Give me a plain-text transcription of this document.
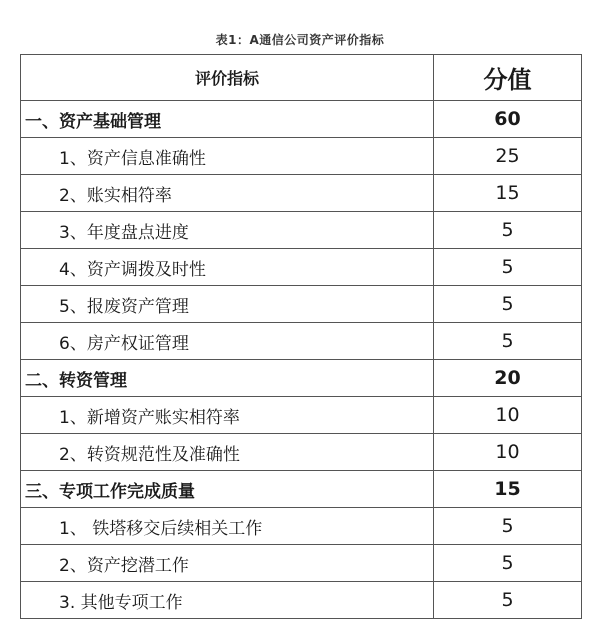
表1：A通信公司资产评价指标
评价指标	分值
一、资产基础管理	60
1、资产信息准确性	25
2、账实相符率	15
3、年度盘点进度	5
4、资产调拨及时性	5
5、报废资产管理	5
6、房产权证管理	5
二、转资管理	20
1、新增资产账实相符率	10
2、转资规范性及准确性	10
三、专项工作完成质量	15
1、 铁塔移交后续相关工作	5
2、资产挖潜工作	5
3. 其他专项工作	5
